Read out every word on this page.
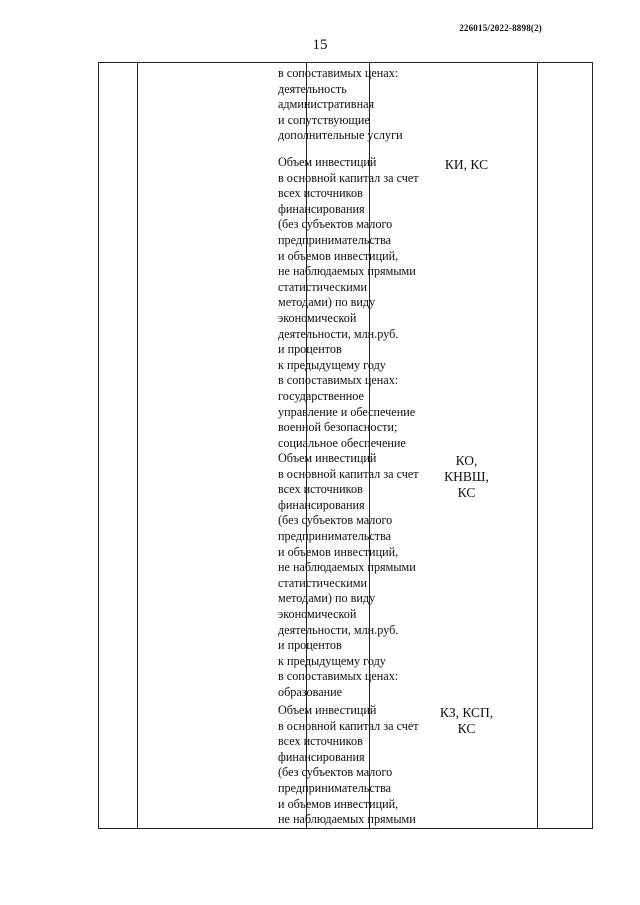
226015/2022-8898(2)
15
в сопоставимых ценах:
деятельность
административная
и сопутствующие
дополнительные услуги
Объем инвестиций
в основной капитал за счет
всех источников
финансирования
(без субъектов малого
предпринимательства
и объемов инвестиций,
не наблюдаемых прямыми
статистическими
методами) по виду
экономической
деятельности, млн.руб.
и процентов
к предыдущему году
в сопоставимых ценах:
государственное
управление и обеспечение
военной безопасности;
социальное обеспечение
КИ, КС
Объем инвестиций
в основной капитал за счет
всех источников
финансирования
(без субъектов малого
предпринимательства
и объемов инвестиций,
не наблюдаемых прямыми
статистическими
методами) по виду
экономической
деятельности, млн.руб.
и процентов
к предыдущему году
в сопоставимых ценах:
образование
КО,
КНВШ,
КС
Объем инвестиций
в основной капитал за счет
всех источников
финансирования
(без субъектов малого
предпринимательства
и объемов инвестиций,
не наблюдаемых прямыми
КЗ, КСП,
КС
